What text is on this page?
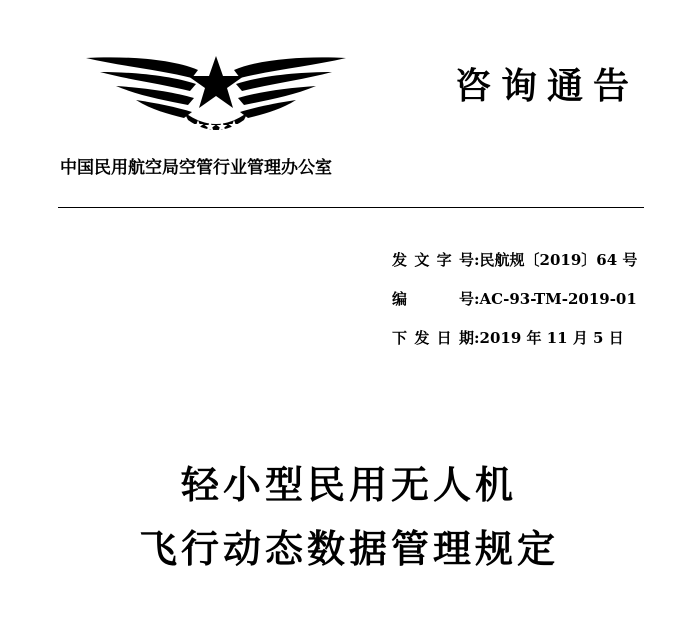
咨询通告
中国民用航空局空管行业管理办公室
发文字号:民航规〔2019〕64 号
编　　号:AC-93-TM-2019-01
下发日期:2019 年 11 月 5 日
轻小型民用无人机
飞行动态数据管理规定
